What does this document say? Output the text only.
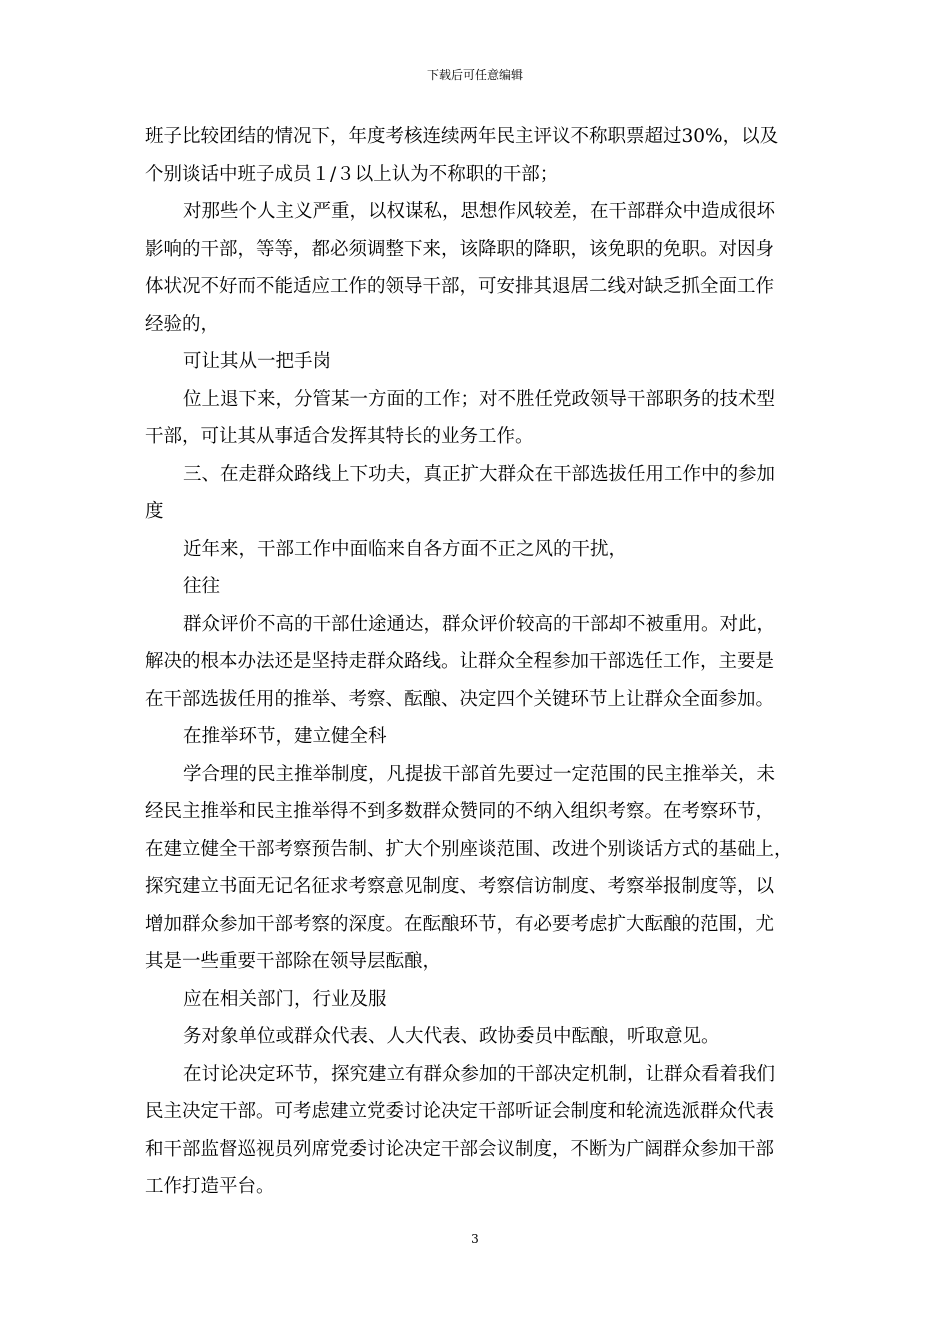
下载后可任意编辑
班子比较团结的情况下，年度考核连续两年民主评议不称职票超过30%，以及
个别谈话中班子成员１/３以上认为不称职的干部；
对那些个人主义严重，以权谋私，思想作风较差，在干部群众中造成很坏
影响的干部，等等，都必须调整下来，该降职的降职，该免职的免职。对因身
体状况不好而不能适应工作的领导干部，可安排其退居二线对缺乏抓全面工作
经验的，
可让其从一把手岗
位上退下来，分管某一方面的工作；对不胜任党政领导干部职务的技术型
干部，可让其从事适合发挥其特长的业务工作。
三、在走群众路线上下功夫，真正扩大群众在干部选拔任用工作中的参加
度
近年来，干部工作中面临来自各方面不正之风的干扰，
往往
群众评价不高的干部仕途通达，群众评价较高的干部却不被重用。对此，
解决的根本办法还是坚持走群众路线。让群众全程参加干部选任工作，主要是
在干部选拔任用的推举、考察、酝酿、决定四个关键环节上让群众全面参加。
在推举环节，建立健全科
学合理的民主推举制度，凡提拔干部首先要过一定范围的民主推举关，未
经民主推举和民主推举得不到多数群众赞同的不纳入组织考察。在考察环节，
在建立健全干部考察预告制、扩大个别座谈范围、改进个别谈话方式的基础上，
探究建立书面无记名征求考察意见制度、考察信访制度、考察举报制度等，以
增加群众参加干部考察的深度。在酝酿环节，有必要考虑扩大酝酿的范围，尤
其是一些重要干部除在领导层酝酿，
应在相关部门，行业及服
务对象单位或群众代表、人大代表、政协委员中酝酿，听取意见。
在讨论决定环节，探究建立有群众参加的干部决定机制，让群众看着我们
民主决定干部。可考虑建立党委讨论决定干部听证会制度和轮流选派群众代表
和干部监督巡视员列席党委讨论决定干部会议制度，不断为广阔群众参加干部
工作打造平台。
3
